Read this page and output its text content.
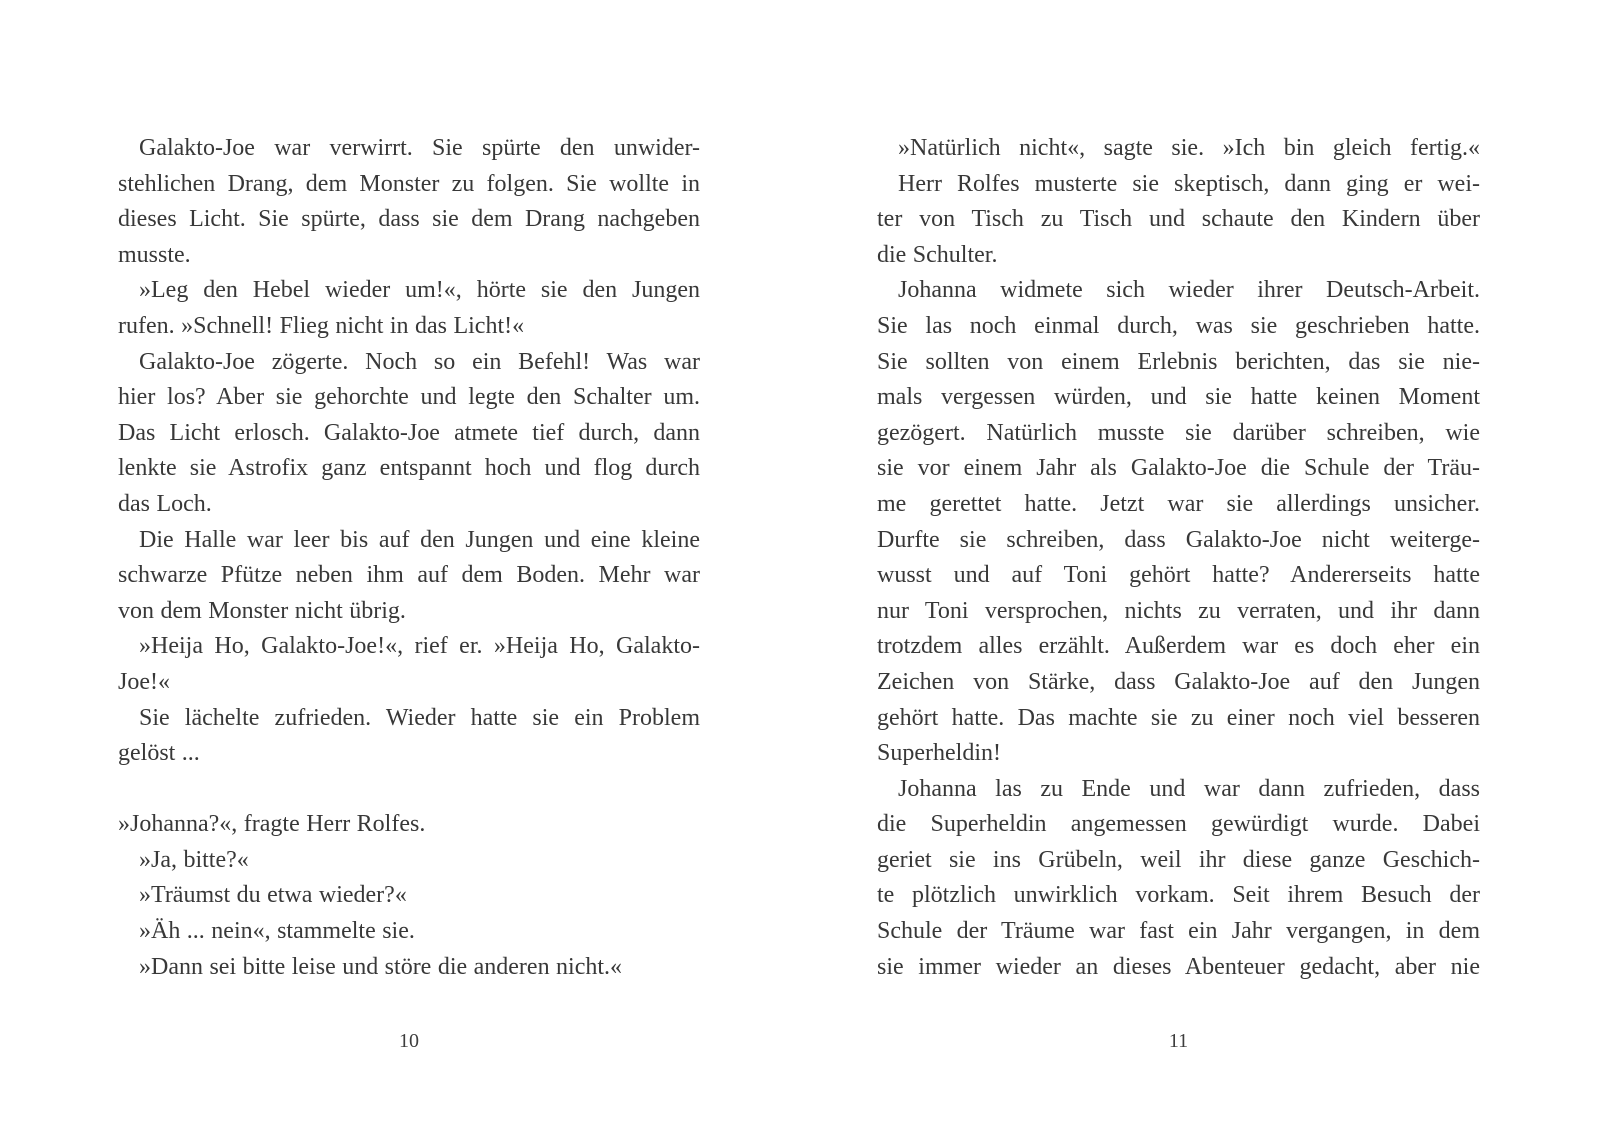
Galakto-Joe war verwirrt. Sie spürte den unwider-
stehlichen Drang, dem Monster zu folgen. Sie wollte in
dieses Licht. Sie spürte, dass sie dem Drang nachgeben
musste.
»Leg den Hebel wieder um!«, hörte sie den Jungen
rufen. »Schnell! Flieg nicht in das Licht!«
Galakto-Joe zögerte. Noch so ein Befehl! Was war
hier los? Aber sie gehorchte und legte den Schalter um.
Das Licht erlosch. Galakto-Joe atmete tief durch, dann
lenkte sie Astrofix ganz entspannt hoch und flog durch
das Loch.
Die Halle war leer bis auf den Jungen und eine kleine
schwarze Pfütze neben ihm auf dem Boden. Mehr war
von dem Monster nicht übrig.
»Heija Ho, Galakto-Joe!«, rief er. »Heija Ho, Galakto-
Joe!«
Sie lächelte zufrieden. Wieder hatte sie ein Problem
gelöst ...
»Johanna?«, fragte Herr Rolfes.
»Ja, bitte?«
»Träumst du etwa wieder?«
»Äh ... nein«, stammelte sie.
»Dann sei bitte leise und störe die anderen nicht.«
10
»Natürlich nicht«, sagte sie. »Ich bin gleich fertig.«
Herr Rolfes musterte sie skeptisch, dann ging er wei-
ter von Tisch zu Tisch und schaute den Kindern über
die Schulter.
Johanna widmete sich wieder ihrer Deutsch-Arbeit.
Sie las noch einmal durch, was sie geschrieben hatte.
Sie sollten von einem Erlebnis berichten, das sie nie-
mals vergessen würden, und sie hatte keinen Moment
gezögert. Natürlich musste sie darüber schreiben, wie
sie vor einem Jahr als Galakto-Joe die Schule der Träu-
me gerettet hatte. Jetzt war sie allerdings unsicher.
Durfte sie schreiben, dass Galakto-Joe nicht weiterge-
wusst und auf Toni gehört hatte? Andererseits hatte
nur Toni versprochen, nichts zu verraten, und ihr dann
trotzdem alles erzählt. Außerdem war es doch eher ein
Zeichen von Stärke, dass Galakto-Joe auf den Jungen
gehört hatte. Das machte sie zu einer noch viel besseren
Superheldin!
Johanna las zu Ende und war dann zufrieden, dass
die Superheldin angemessen gewürdigt wurde. Dabei
geriet sie ins Grübeln, weil ihr diese ganze Geschich-
te plötzlich unwirklich vorkam. Seit ihrem Besuch der
Schule der Träume war fast ein Jahr vergangen, in dem
sie immer wieder an dieses Abenteuer gedacht, aber nie
11
